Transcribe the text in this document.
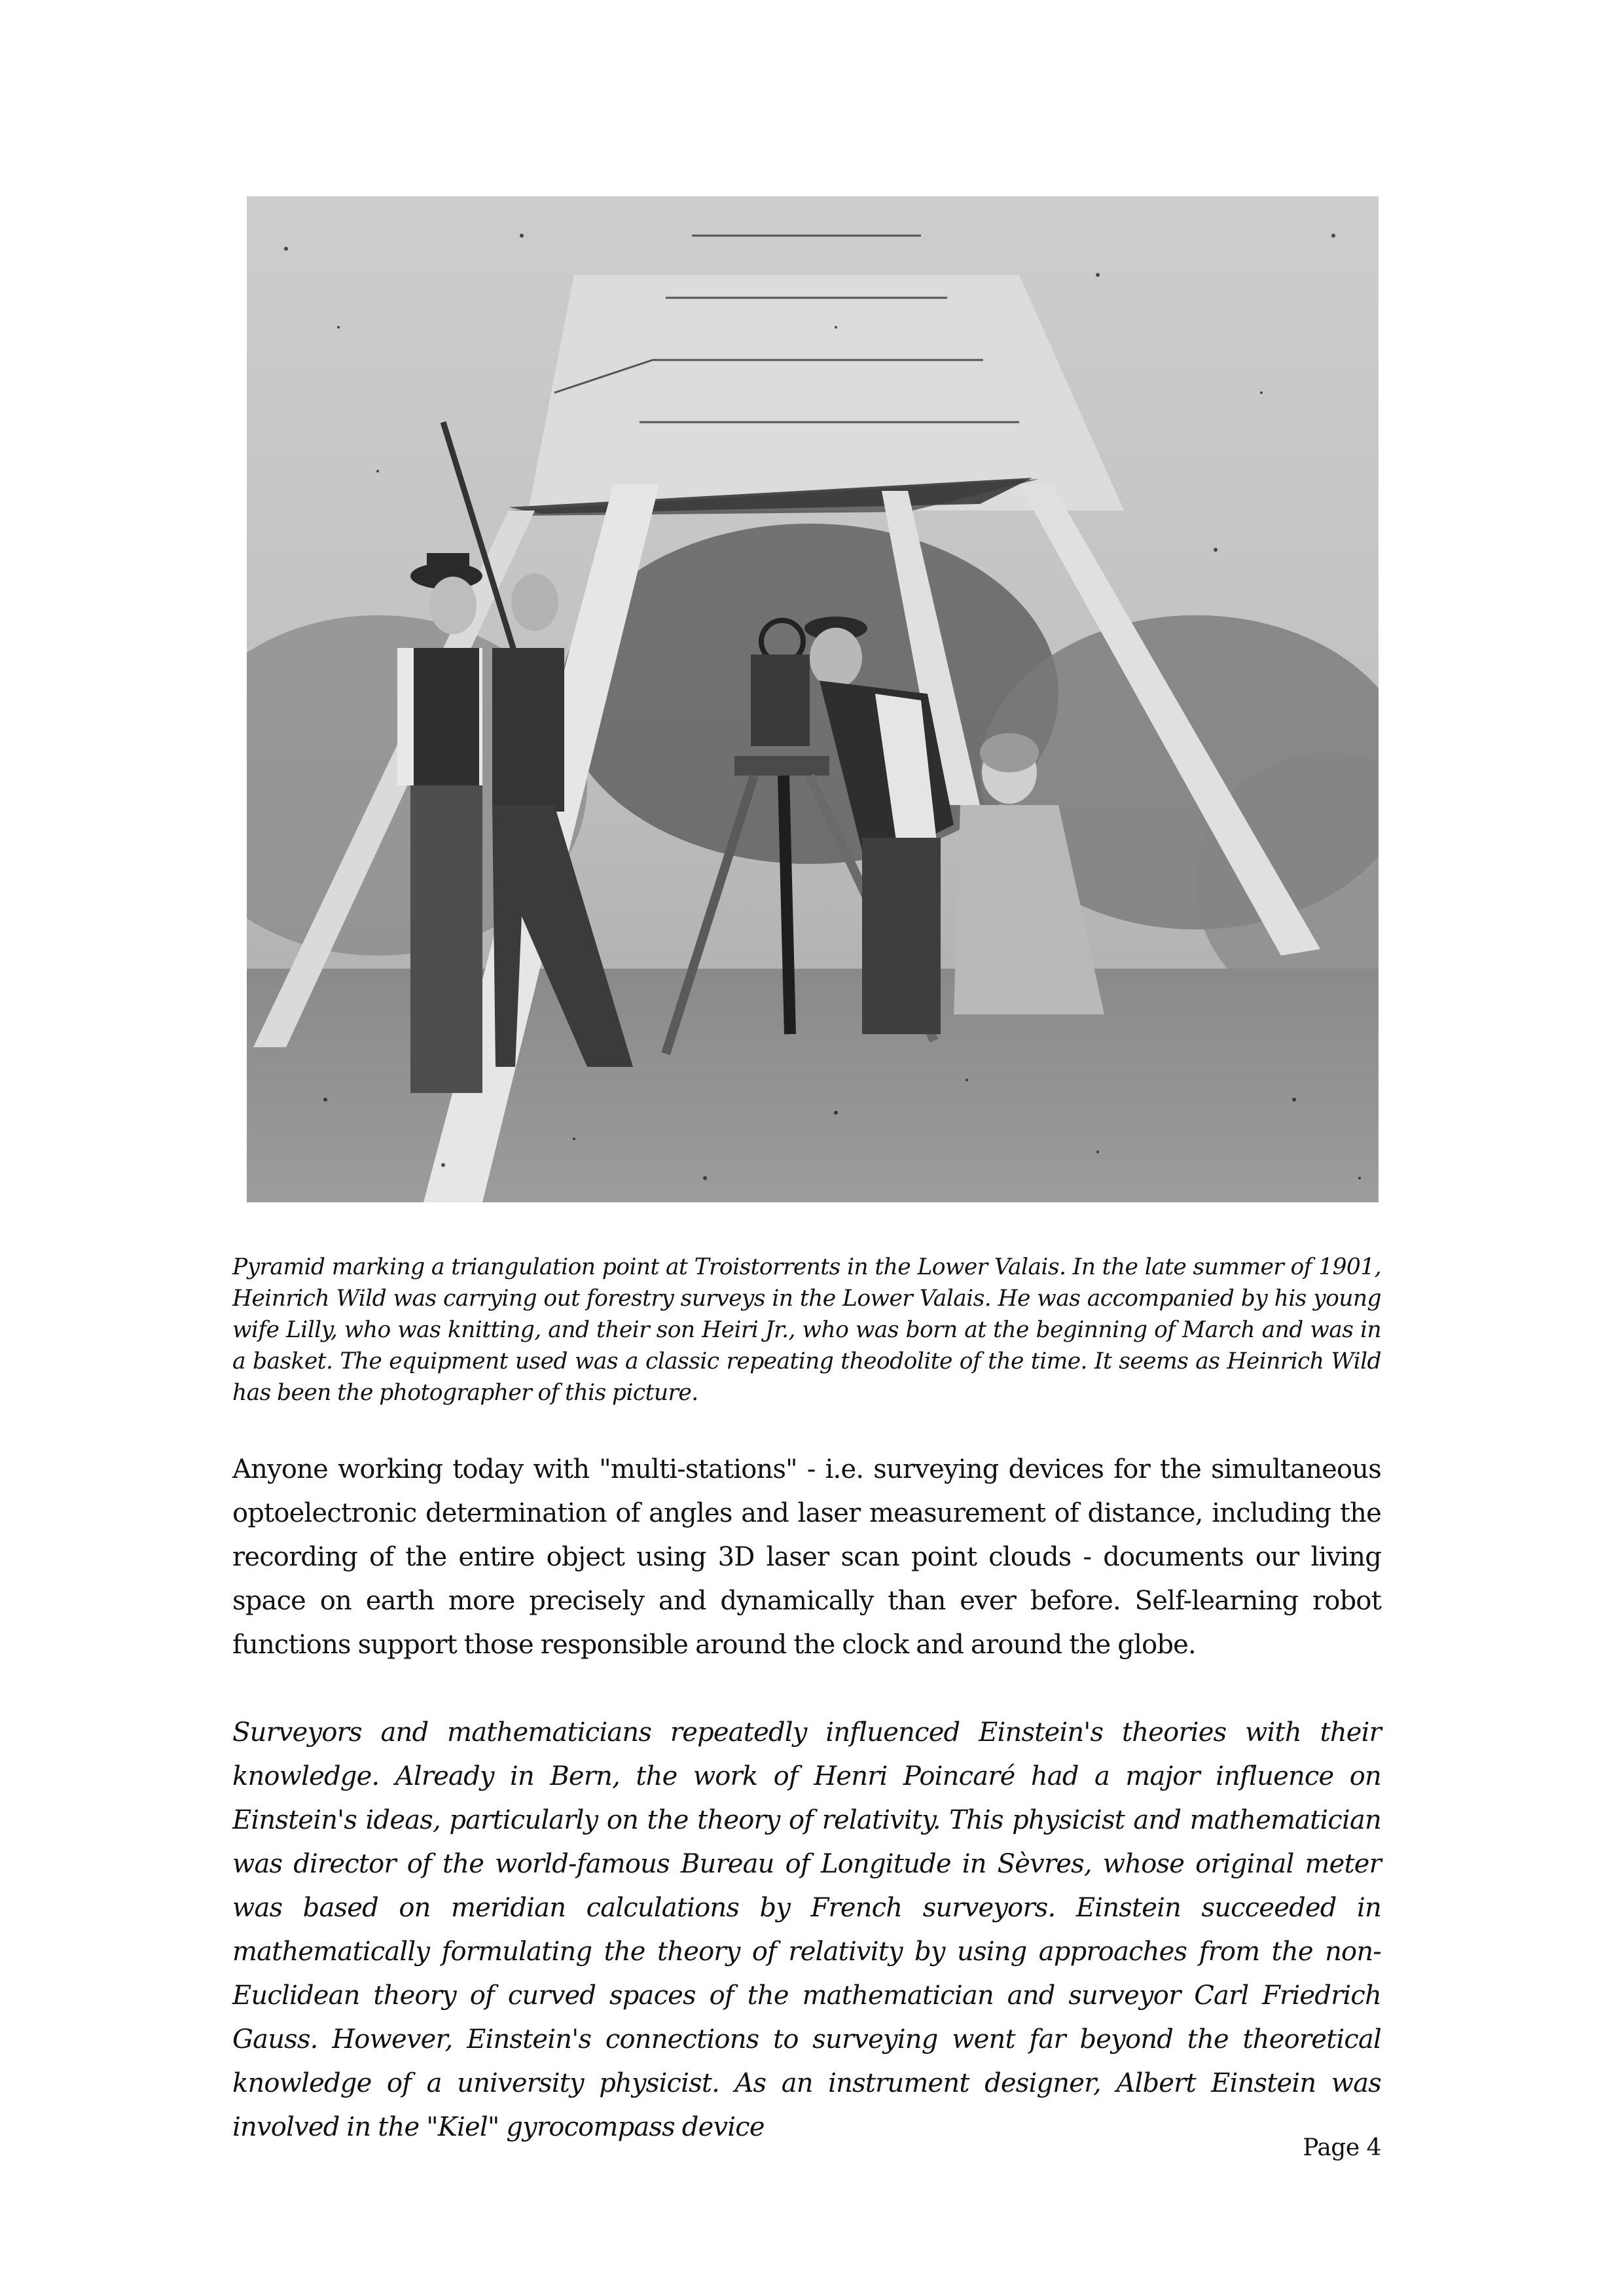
Pyramid marking a triangulation point at Troistorrents in the Lower Valais. In the late summer of 1901, Heinrich Wild was carrying out forestry surveys in the Lower Valais. He was accompanied by his young wife Lilly, who was knitting, and their son Heiri Jr., who was born at the beginning of March and was in a basket. The equipment used was a classic repeating theodolite of the time. It seems as Heinrich Wild has been the photographer of this picture.

Anyone working today with "multi-stations" - i.e. surveying devices for the simultaneous optoelectronic determination of angles and laser measurement of distance, including the recording of the entire object using 3D laser scan point clouds - documents our living space on earth more precisely and dynamically than ever before. Self-learning robot functions support those responsible around the clock and around the globe.

Surveyors and mathematicians repeatedly influenced Einstein's theories with their knowledge. Already in Bern, the work of Henri Poincaré had a major influence on Einstein's ideas, particularly on the theory of relativity. This physicist and mathematician was director of the world-famous Bureau of Longitude in Sèvres, whose original meter was based on meridian calculations by French surveyors. Einstein succeeded in mathematically formulating the theory of relativity by using approaches from the non-Euclidean theory of curved spaces of the mathematician and surveyor Carl Friedrich Gauss. However, Einstein's connections to surveying went far beyond the theoretical knowledge of a university physicist. As an instrument designer, Albert Einstein was involved in the "Kiel" gyrocompass device

Page 4
